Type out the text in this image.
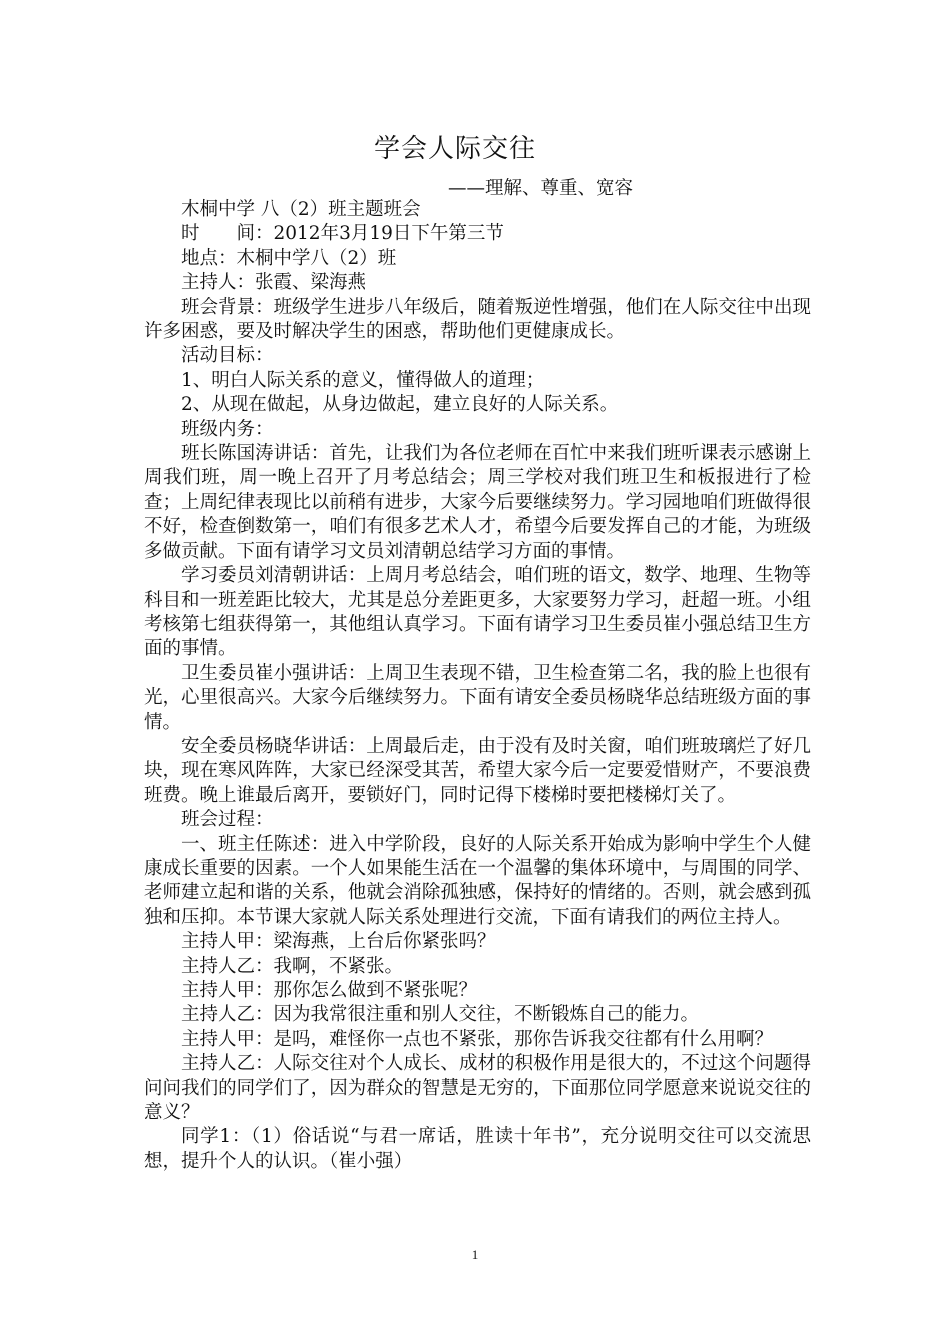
学会人际交往
——理解、尊重、宽容

木桐中学 八（2）班主题班会

时　　间：2012年3月19日下午第三节

地点：木桐中学八（2）班

主持人：张霞、梁海燕

班会背景：班级学生进步八年级后，随着叛逆性增强，他们在人际交往中出现许多困惑，要及时解决学生的困惑，帮助他们更健康成长。

活动目标：

1、明白人际关系的意义，懂得做人的道理；

2、从现在做起，从身边做起，建立良好的人际关系。

班级内务：

班长陈国涛讲话：首先，让我们为各位老师在百忙中来我们班听课表示感谢上周我们班，周一晚上召开了月考总结会；周三学校对我们班卫生和板报进行了检查；上周纪律表现比以前稍有进步，大家今后要继续努力。学习园地咱们班做得很不好，检查倒数第一，咱们有很多艺术人才，希望今后要发挥自己的才能，为班级多做贡献。下面有请学习文员刘清朝总结学习方面的事情。

学习委员刘清朝讲话：上周月考总结会，咱们班的语文，数学、地理、生物等科目和一班差距比较大，尤其是总分差距更多，大家要努力学习，赶超一班。小组考核第七组获得第一，其他组认真学习。下面有请学习卫生委员崔小强总结卫生方面的事情。

卫生委员崔小强讲话：上周卫生表现不错，卫生检查第二名，我的脸上也很有光，心里很高兴。大家今后继续努力。下面有请安全委员杨晓华总结班级方面的事情。

安全委员杨晓华讲话：上周最后走，由于没有及时关窗，咱们班玻璃烂了好几块，现在寒风阵阵，大家已经深受其苦，希望大家今后一定要爱惜财产，不要浪费班费。晚上谁最后离开，要锁好门，同时记得下楼梯时要把楼梯灯关了。

班会过程：

一、班主任陈述：进入中学阶段，良好的人际关系开始成为影响中学生个人健康成长重要的因素。一个人如果能生活在一个温馨的集体环境中，与周围的同学、老师建立起和谐的关系，他就会消除孤独感，保持好的情绪的。否则，就会感到孤独和压抑。本节课大家就人际关系处理进行交流，下面有请我们的两位主持人。

主持人甲：梁海燕，上台后你紧张吗？

主持人乙：我啊，不紧张。

主持人甲：那你怎么做到不紧张呢？

主持人乙：因为我常很注重和别人交往，不断锻炼自己的能力。

主持人甲：是吗，难怪你一点也不紧张，那你告诉我交往都有什么用啊？

主持人乙：人际交往对个人成长、成材的积极作用是很大的，不过这个问题得问问我们的同学们了，因为群众的智慧是无穷的，下面那位同学愿意来说说交往的意义？

同学1：（1）俗话说“与君一席话，胜读十年书”，充分说明交往可以交流思想，提升个人的认识。（崔小强）

1
